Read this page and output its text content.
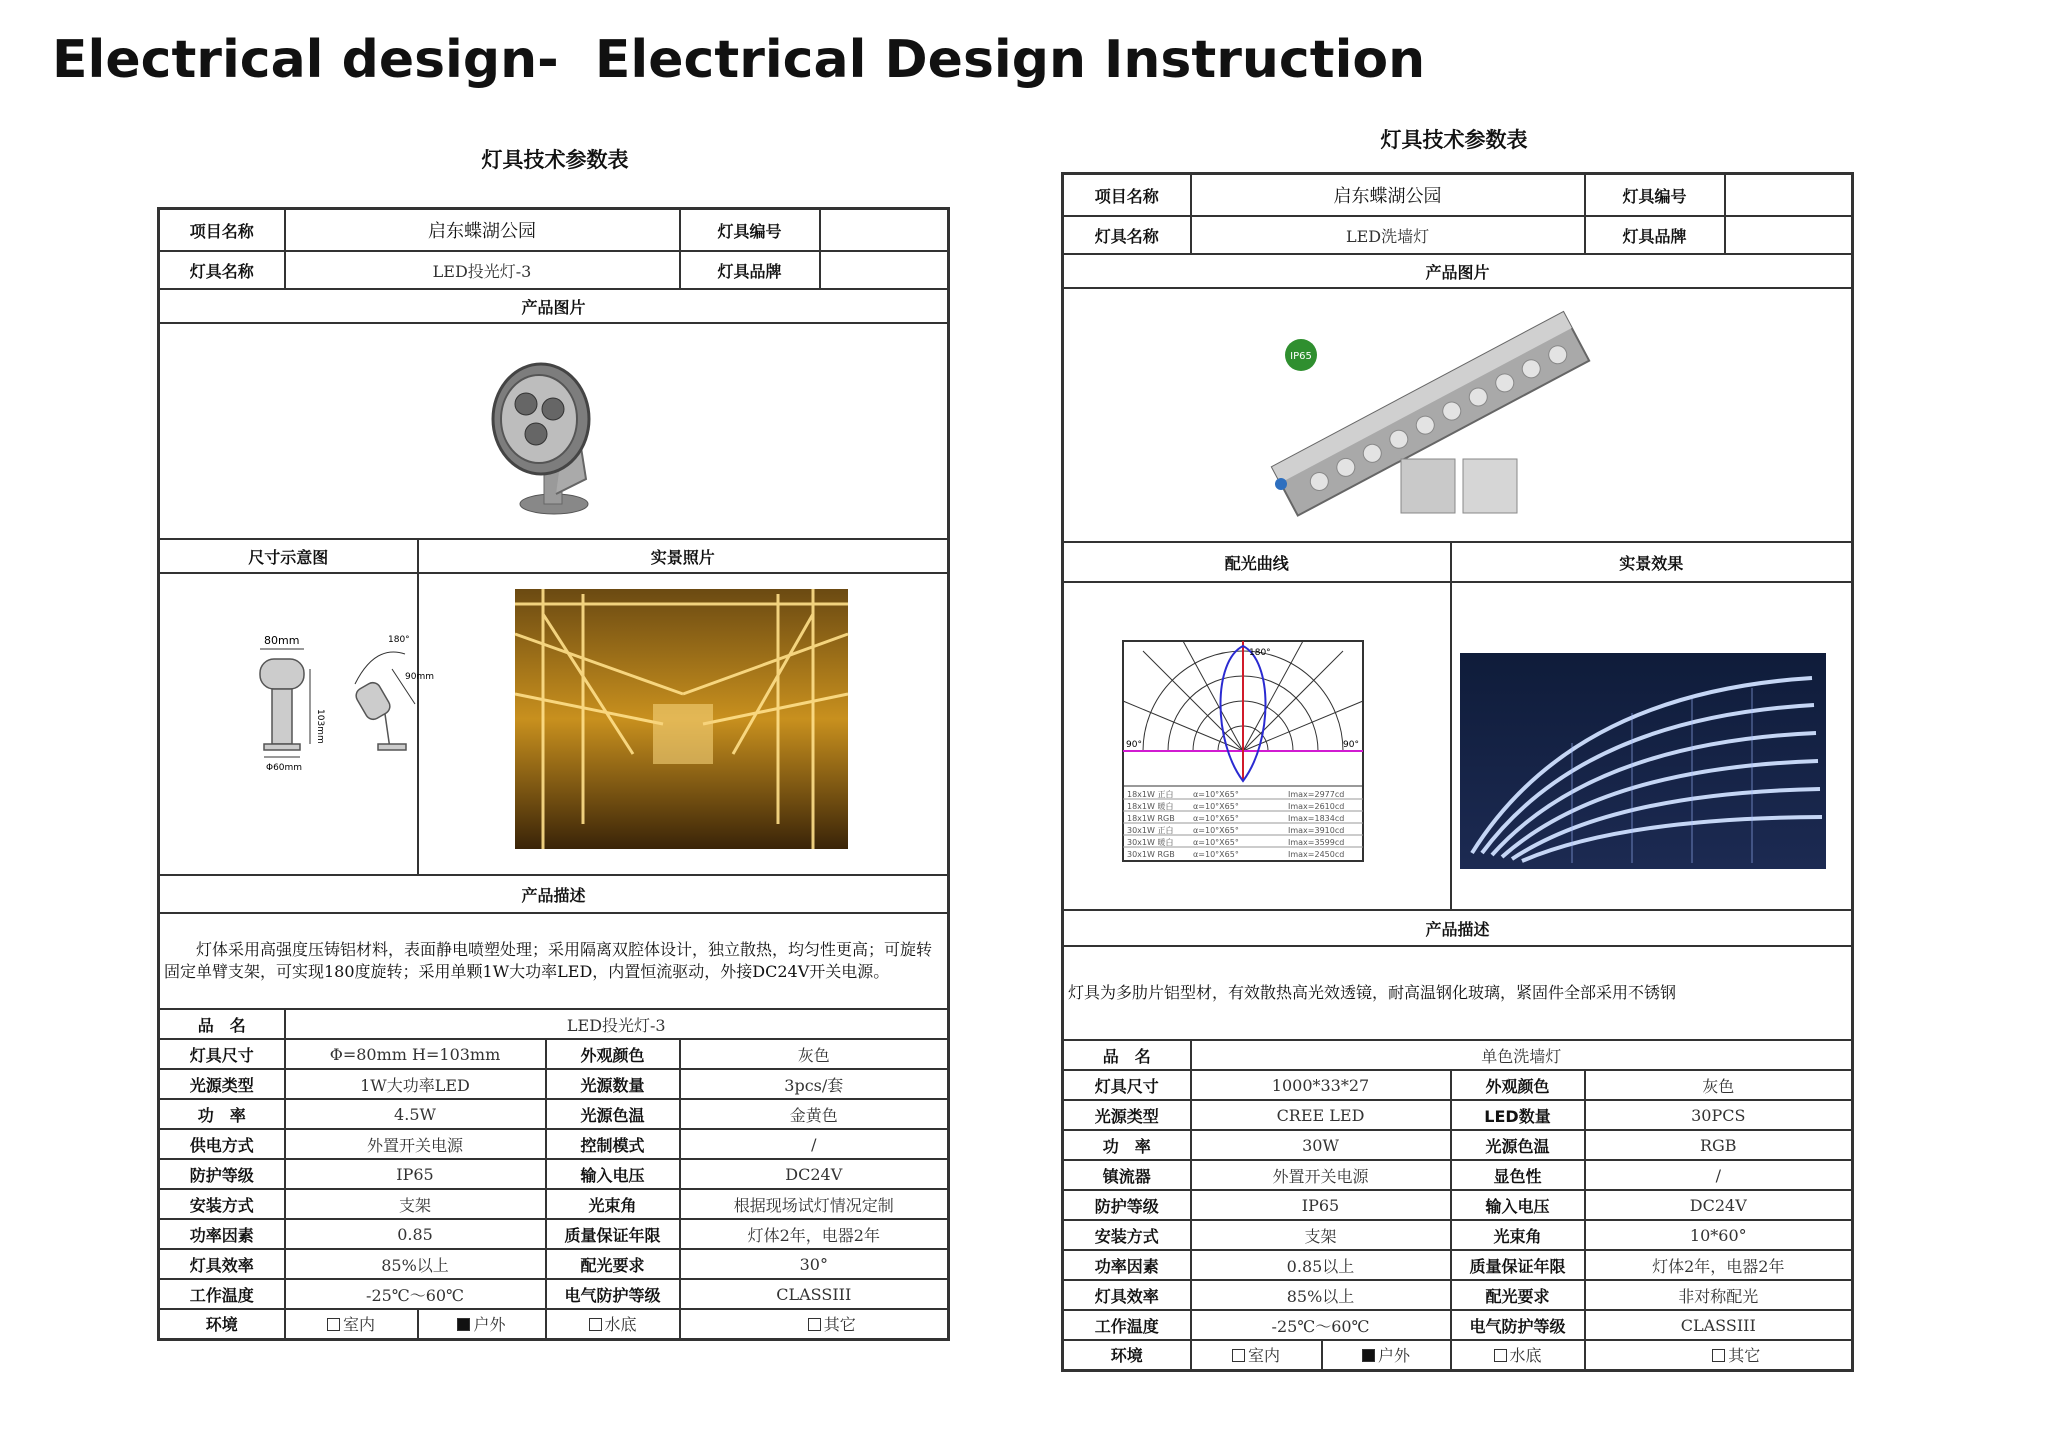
Electrical design-  Electrical Design Instruction
灯具技术参数表
项目名称	启东蝶湖公园		灯具编号	

灯具名称	LED投光灯-3		灯具品牌	

产品图片

尺寸示意图	实景照片

80mm
103mm
Φ60mm
180°
90mm

产品描述
灯体采用高强度压铸铝材料，表面静电喷塑处理；采用隔离双腔体设计，独立散热，均匀性更高；可旋转固定单臂支架，可实现180度旋转；采用单颗1W大功率LED，内置恒流驱动，外接DC24V开关电源。
品　名	LED投光灯-3
灯具尺寸	Φ=80mm H=103mm	外观颜色	灰色
光源类型	1W大功率LED	光源数量	3pcs/套
功　率	4.5W	光源色温	金黄色
供电方式	外置开关电源	控制模式	/
防护等级	IP65	输入电压	DC24V
安装方式	支架	光束角	根据现场试灯情况定制
功率因素	0.85	质量保证年限	灯体2年，电器2年
灯具效率	85%以上	配光要求	30°
工作温度	-25℃～60℃	电气防护等级	CLASSIII
环境	室内	户外	水底	其它
灯具技术参数表
项目名称	启东蝶湖公园		灯具编号	

灯具名称	LED洗墙灯		灯具品牌	

产品图片

IP65

配光曲线	实景效果

180°
90°	90°
18x1W 正白 α=10°X65°	Imax=2977cd
18x1W 暖白 α=10°X65°	Imax=2610cd
18x1W RGB α=10°X65°	Imax=1834cd
30x1W 正白 α=10°X65°	Imax=3910cd
30x1W 暖白 α=10°X65°	Imax=3599cd
30x1W RGB α=10°X65°	Imax=2450cd

产品描述
灯具为多肋片铝型材，有效散热高光效透镜，耐高温钢化玻璃，紧固件全部采用不锈钢
品　名	单色洗墙灯
灯具尺寸	1000*33*27	外观颜色	灰色
光源类型	CREE LED	LED数量	30PCS
功　率	30W	光源色温	RGB
镇流器	外置开关电源	显色性	/
防护等级	IP65	输入电压	DC24V
安装方式	支架	光束角	10*60°
功率因素	0.85以上	质量保证年限	灯体2年，电器2年
灯具效率	85%以上	配光要求	非对称配光
工作温度	-25℃～60℃	电气防护等级	CLASSIII
环境	室内	户外	水底	其它
